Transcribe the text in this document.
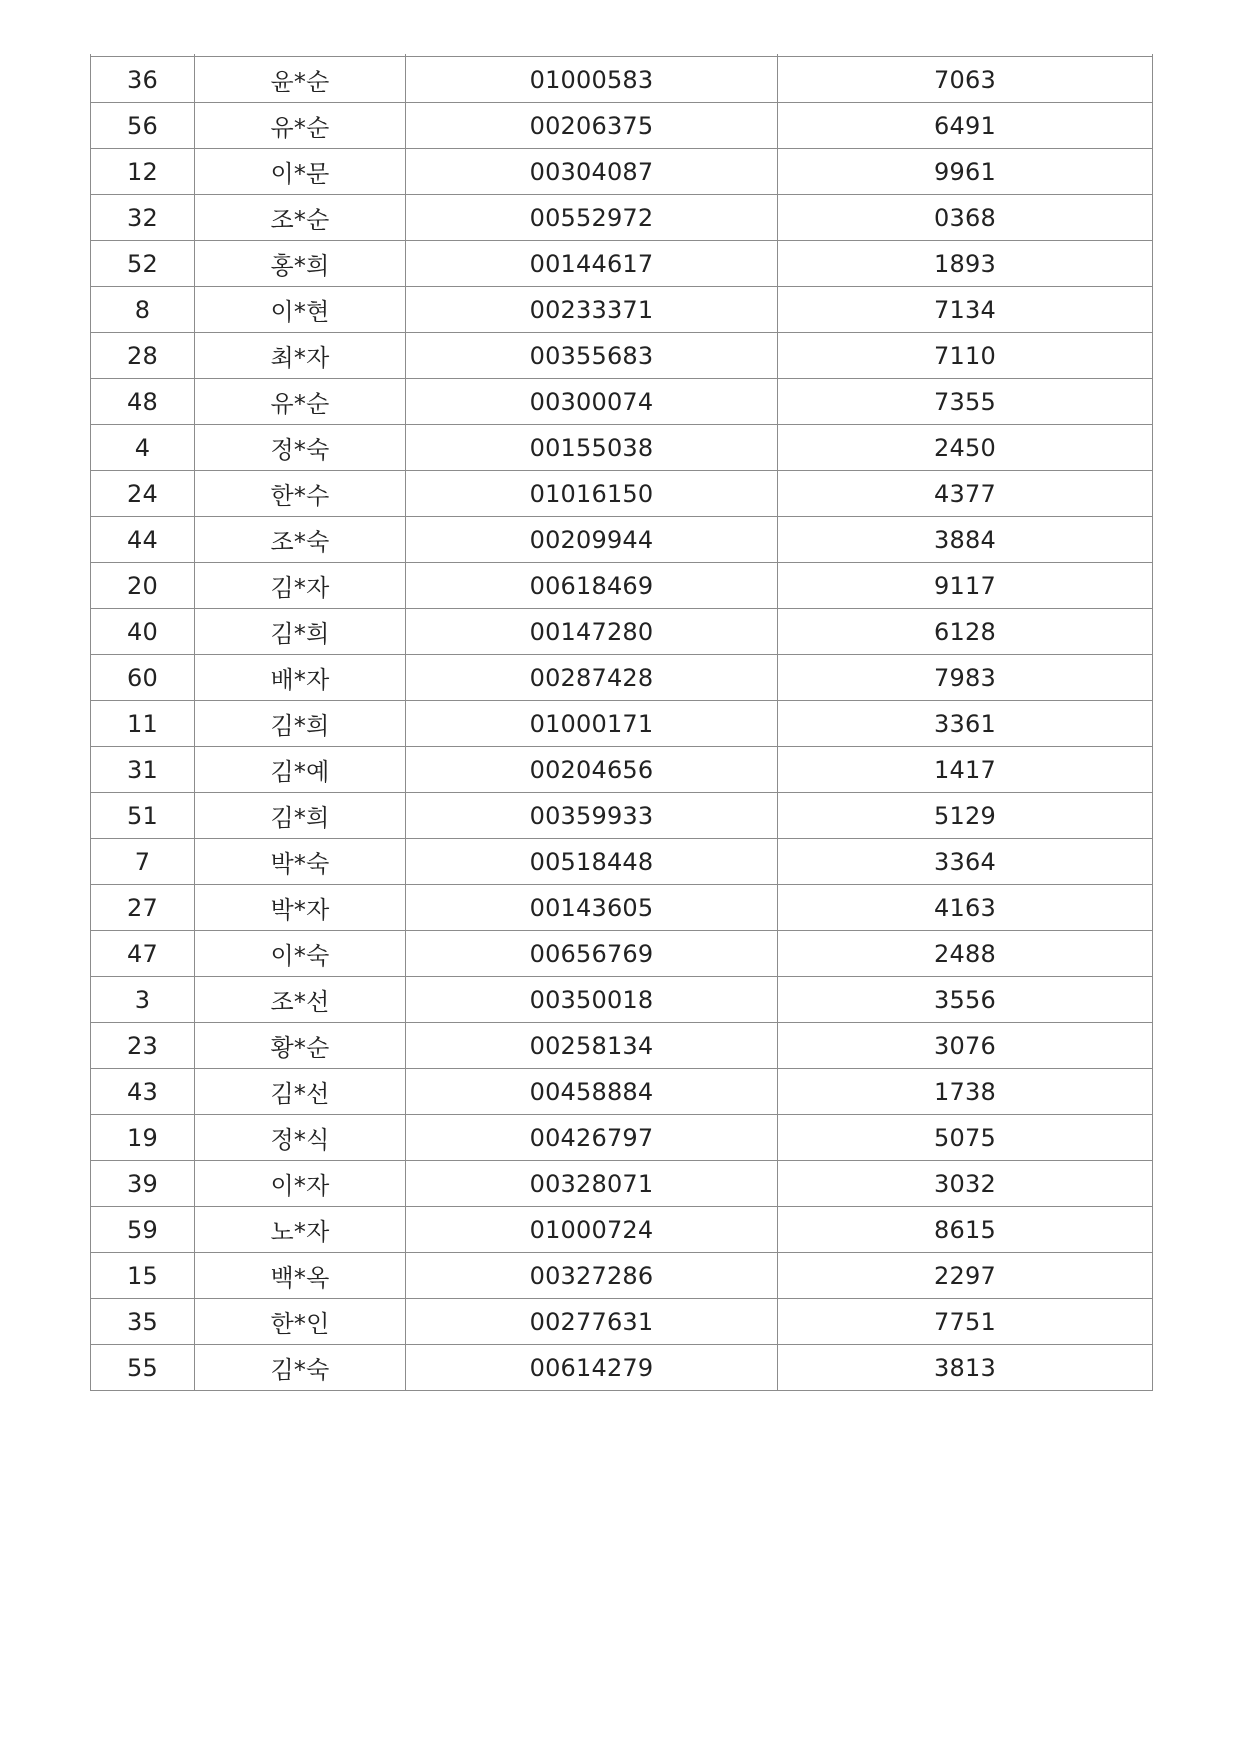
36	윤*순	01000583	7063
56	유*순	00206375	6491
12	이*문	00304087	9961
32	조*순	00552972	0368
52	홍*희	00144617	1893
8	이*현	00233371	7134
28	최*자	00355683	7110
48	유*순	00300074	7355
4	정*숙	00155038	2450
24	한*수	01016150	4377
44	조*숙	00209944	3884
20	김*자	00618469	9117
40	김*희	00147280	6128
60	배*자	00287428	7983
11	김*희	01000171	3361
31	김*예	00204656	1417
51	김*희	00359933	5129
7	박*숙	00518448	3364
27	박*자	00143605	4163
47	이*숙	00656769	2488
3	조*선	00350018	3556
23	황*순	00258134	3076
43	김*선	00458884	1738
19	정*식	00426797	5075
39	이*자	00328071	3032
59	노*자	01000724	8615
15	백*옥	00327286	2297
35	한*인	00277631	7751
55	김*숙	00614279	3813
